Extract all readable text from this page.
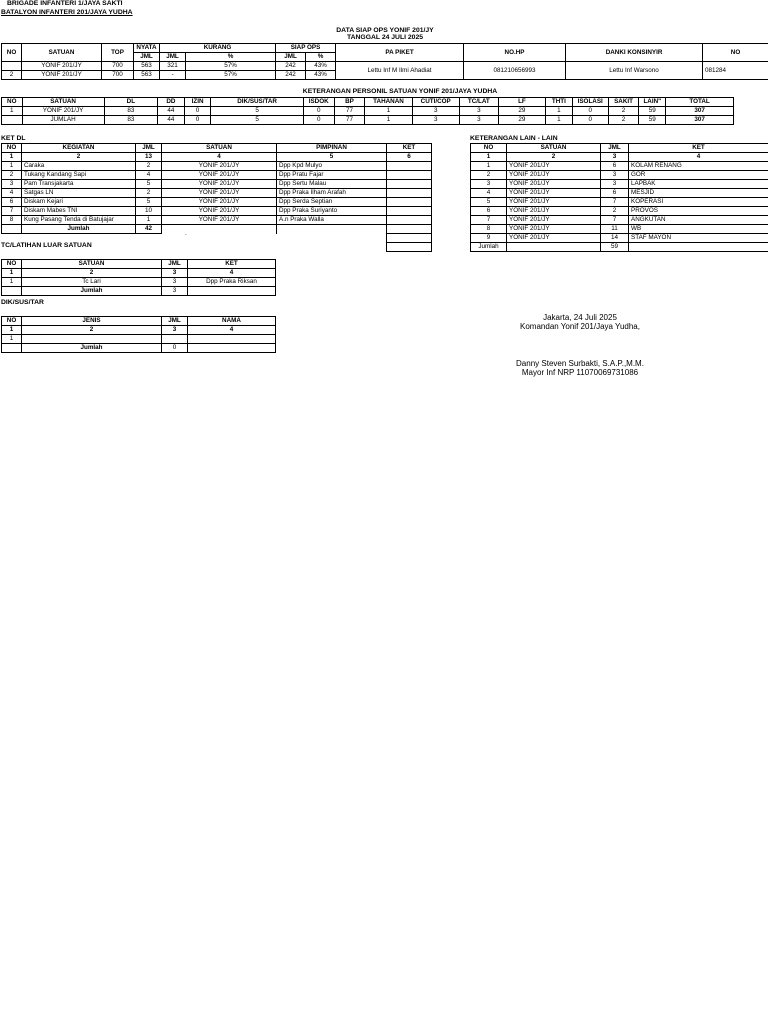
BRIGADE INFANTERI 1/JAYA SAKTI
BATALYON INFANTERI 201/JAYA YUDHA
DATA SIAP OPS YONIF 201/JY
TANGGAL 24 JULI 2025
NO	SATUAN	TOP	NYATA	KURANG		SIAP OPS		PA PIKET	NO.HP	DANKI KONSINYIR	NO
			JML	JML	%	JML	%				
	YONIF 201/JY	700	563	321	57%	242	43%	Lettu Inf M Ilmi Ahadiat	081210656993	Lettu Inf Warsono	081284
2	YONIF 201/JY	700	563	-	57%	242	43%				
KETERANGAN PERSONIL SATUAN YONIF 201/JAYA YUDHA
NO	SATUAN	DL	DD	IZIN	DIK/SUS/TAR	ISDOK	BP	TAHANAN	CUTI/COP	TC/LAT	LF	THTI	ISOLASI	SAKIT	LAIN"	TOTAL
1	YONIF 201/JY	83	44	0	5	0	77	1	3	3	29	1	0	2	59	307
	JUMLAH	83	44	0	5	0	77	1	3	3	29	1	0	2	59	307
KET DL
NO	KEGIATAN	JML	SATUAN	PIMPINAN	KET
1	2	13	4	5	6
1	Caraka	2	YONIF 201/JY	Dpp Kpd Mulyo	
2	Tukang Kandang Sapi	4	YONIF 201/JY	Dpp Pratu Fajar	
3	Pam Transjakarta	5	YONIF 201/JY	Dpp Sertu Malau	
4	Satgas LN	2	YONIF 201/JY	Dpp Praka Ilham Arafah	
6	Diskam Kejari	5	YONIF 201/JY	Dpp Serda Septian	
7	Diskam Mabes TNI	10	YONIF 201/JY	Dpp Praka Suriyanto	
8	Kung Pasang Tenda di Batujajar	1	YONIF 201/JY	A.n Praka Walla	
	Jumlah	42			

.
KETERANGAN LAIN - LAIN
NO	SATUAN	JML	KET
1	2	3	4
1	YONIF 201/JY	6	KOLAM RENANG
2	YONIF 201/JY	3	GOR
3	YONIF 201/JY	3	LAPBAK
4	YONIF 201/JY	6	MESJID
5	YONIF 201/JY	7	KOPERASI
6	YONIF 201/JY	2	PROVOS
7	YONIF 201/JY	7	ANGKUTAN
8	YONIF 201/JY	11	WB
9	YONIF 201/JY	14	STAF MAYON
Jumlah		59	
TC/LATIHAN LUAR SATUAN
NO	SATUAN	JML	KET
1	2	3	4
1	Tc Lari	3	Dpp Praka Riksan
	Jumlah	3	
DIK/SUS/TAR
NO	JENIS	JML	NAMA
1	2	3	4
1			
	Jumlah	0	
Jakarta, 24 Juli 2025
Komandan Yonif 201/Jaya Yudha,
Danny Steven Surbakti, S.A.P.,M.M.
Mayor Inf NRP 11070069731086
